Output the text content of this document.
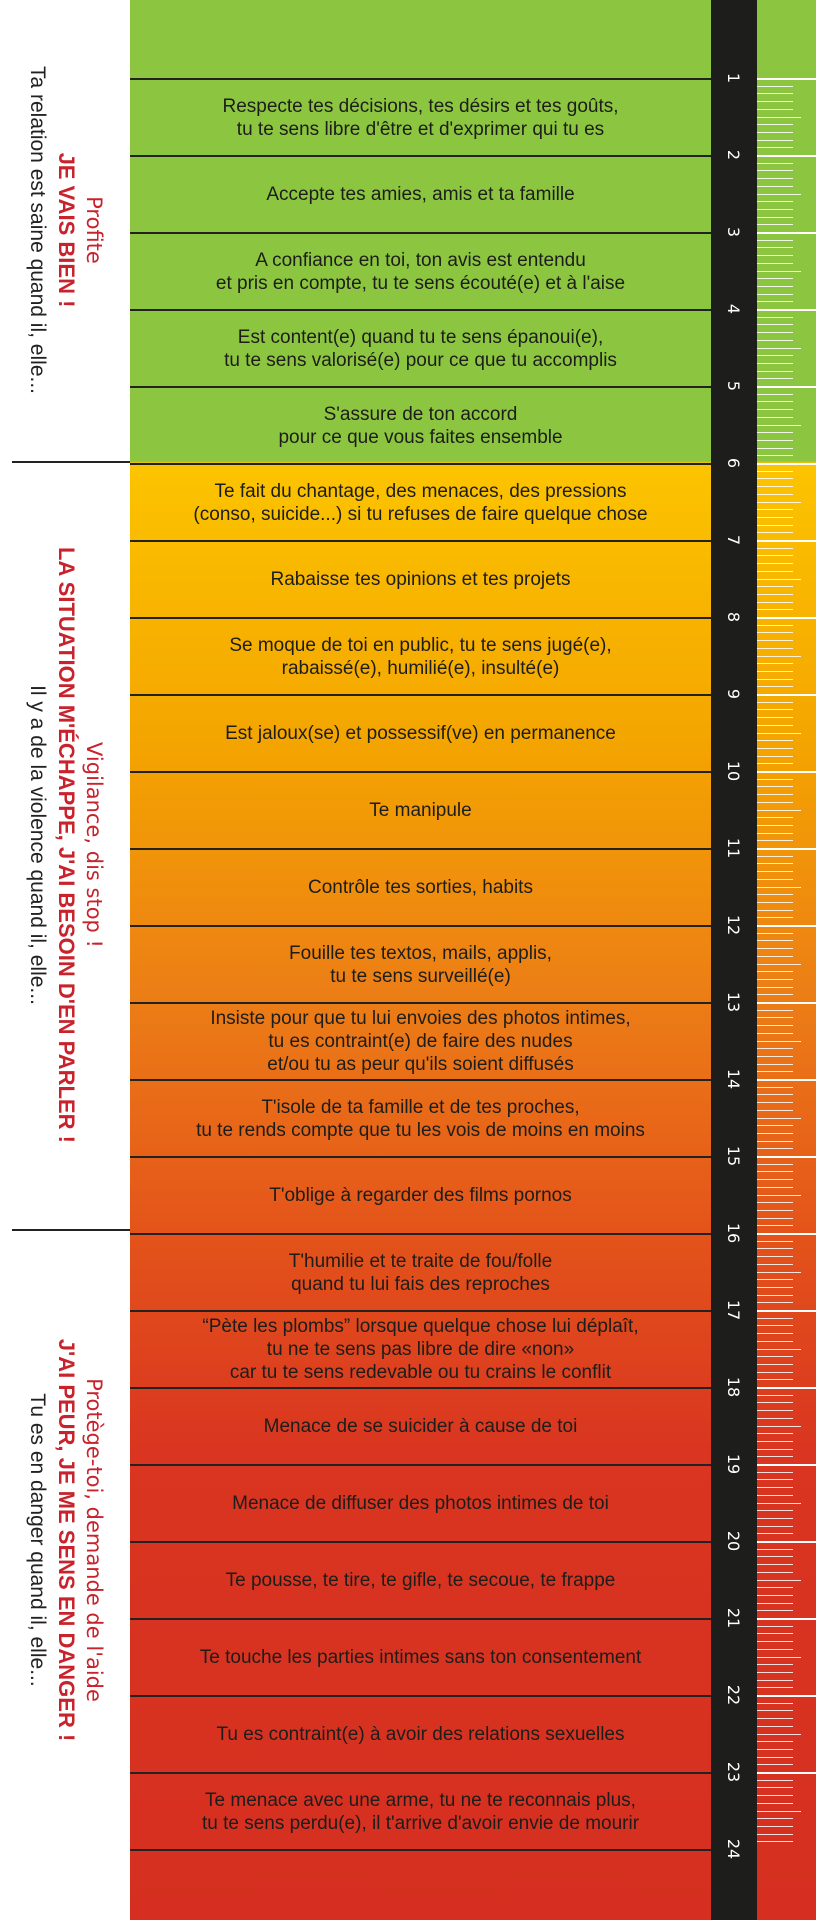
Profite
JE VAIS BIEN !
Ta relation est saine quand il, elle...
Vigilance, dis stop !
LA SITUATION M'ÉCHAPPE, J'AI BESOIN D'EN PARLER !
Il y a de la violence quand il, elle...
Protège-toi, demande de l'aide
J'AI PEUR, JE ME SENS EN DANGER !
Tu es en danger quand il, elle...
Respecte tes décisions, tes désirs et tes goûts,
tu te sens libre d'être et d'exprimer qui tu es
Accepte tes amies, amis et ta famille
A confiance en toi, ton avis est entendu
et pris en compte, tu te sens écouté(e) et à l'aise
Est content(e) quand tu te sens épanoui(e),
tu te sens valorisé(e) pour ce que tu accomplis
S'assure de ton accord
pour ce que vous faites ensemble
Te fait du chantage, des menaces, des pressions
(conso, suicide...) si tu refuses de faire quelque chose
Rabaisse tes opinions et tes projets
Se moque de toi en public, tu te sens jugé(e),
rabaissé(e), humilié(e), insulté(e)
Est jaloux(se) et possessif(ve) en permanence
Te manipule
Contrôle tes sorties, habits
Fouille tes textos, mails, applis,
tu te sens surveillé(e)
Insiste pour que tu lui envoies des photos intimes,
tu es contraint(e) de faire des nudes
et/ou tu as peur qu'ils soient diffusés
T'isole de ta famille et de tes proches,
tu te rends compte que tu les vois de moins en moins
T'oblige à regarder des films pornos
T'humilie et te traite de fou/folle
quand tu lui fais des reproches
“Pète les plombs” lorsque quelque chose lui déplaît,
tu ne te sens pas libre de dire «non»
car tu te sens redevable ou tu crains le conflit
Menace de se suicider à cause de toi
Menace de diffuser des photos intimes de toi
Te pousse, te tire, te gifle, te secoue, te frappe
Te touche les parties intimes sans ton consentement
Tu es contraint(e) à avoir des relations sexuelles
Te menace avec une arme, tu ne te reconnais plus,
tu te sens perdu(e), il t'arrive d'avoir envie de mourir
1
2
3
4
5
6
7
8
9
10
11
12
13
14
15
16
17
18
19
20
21
22
23
24
